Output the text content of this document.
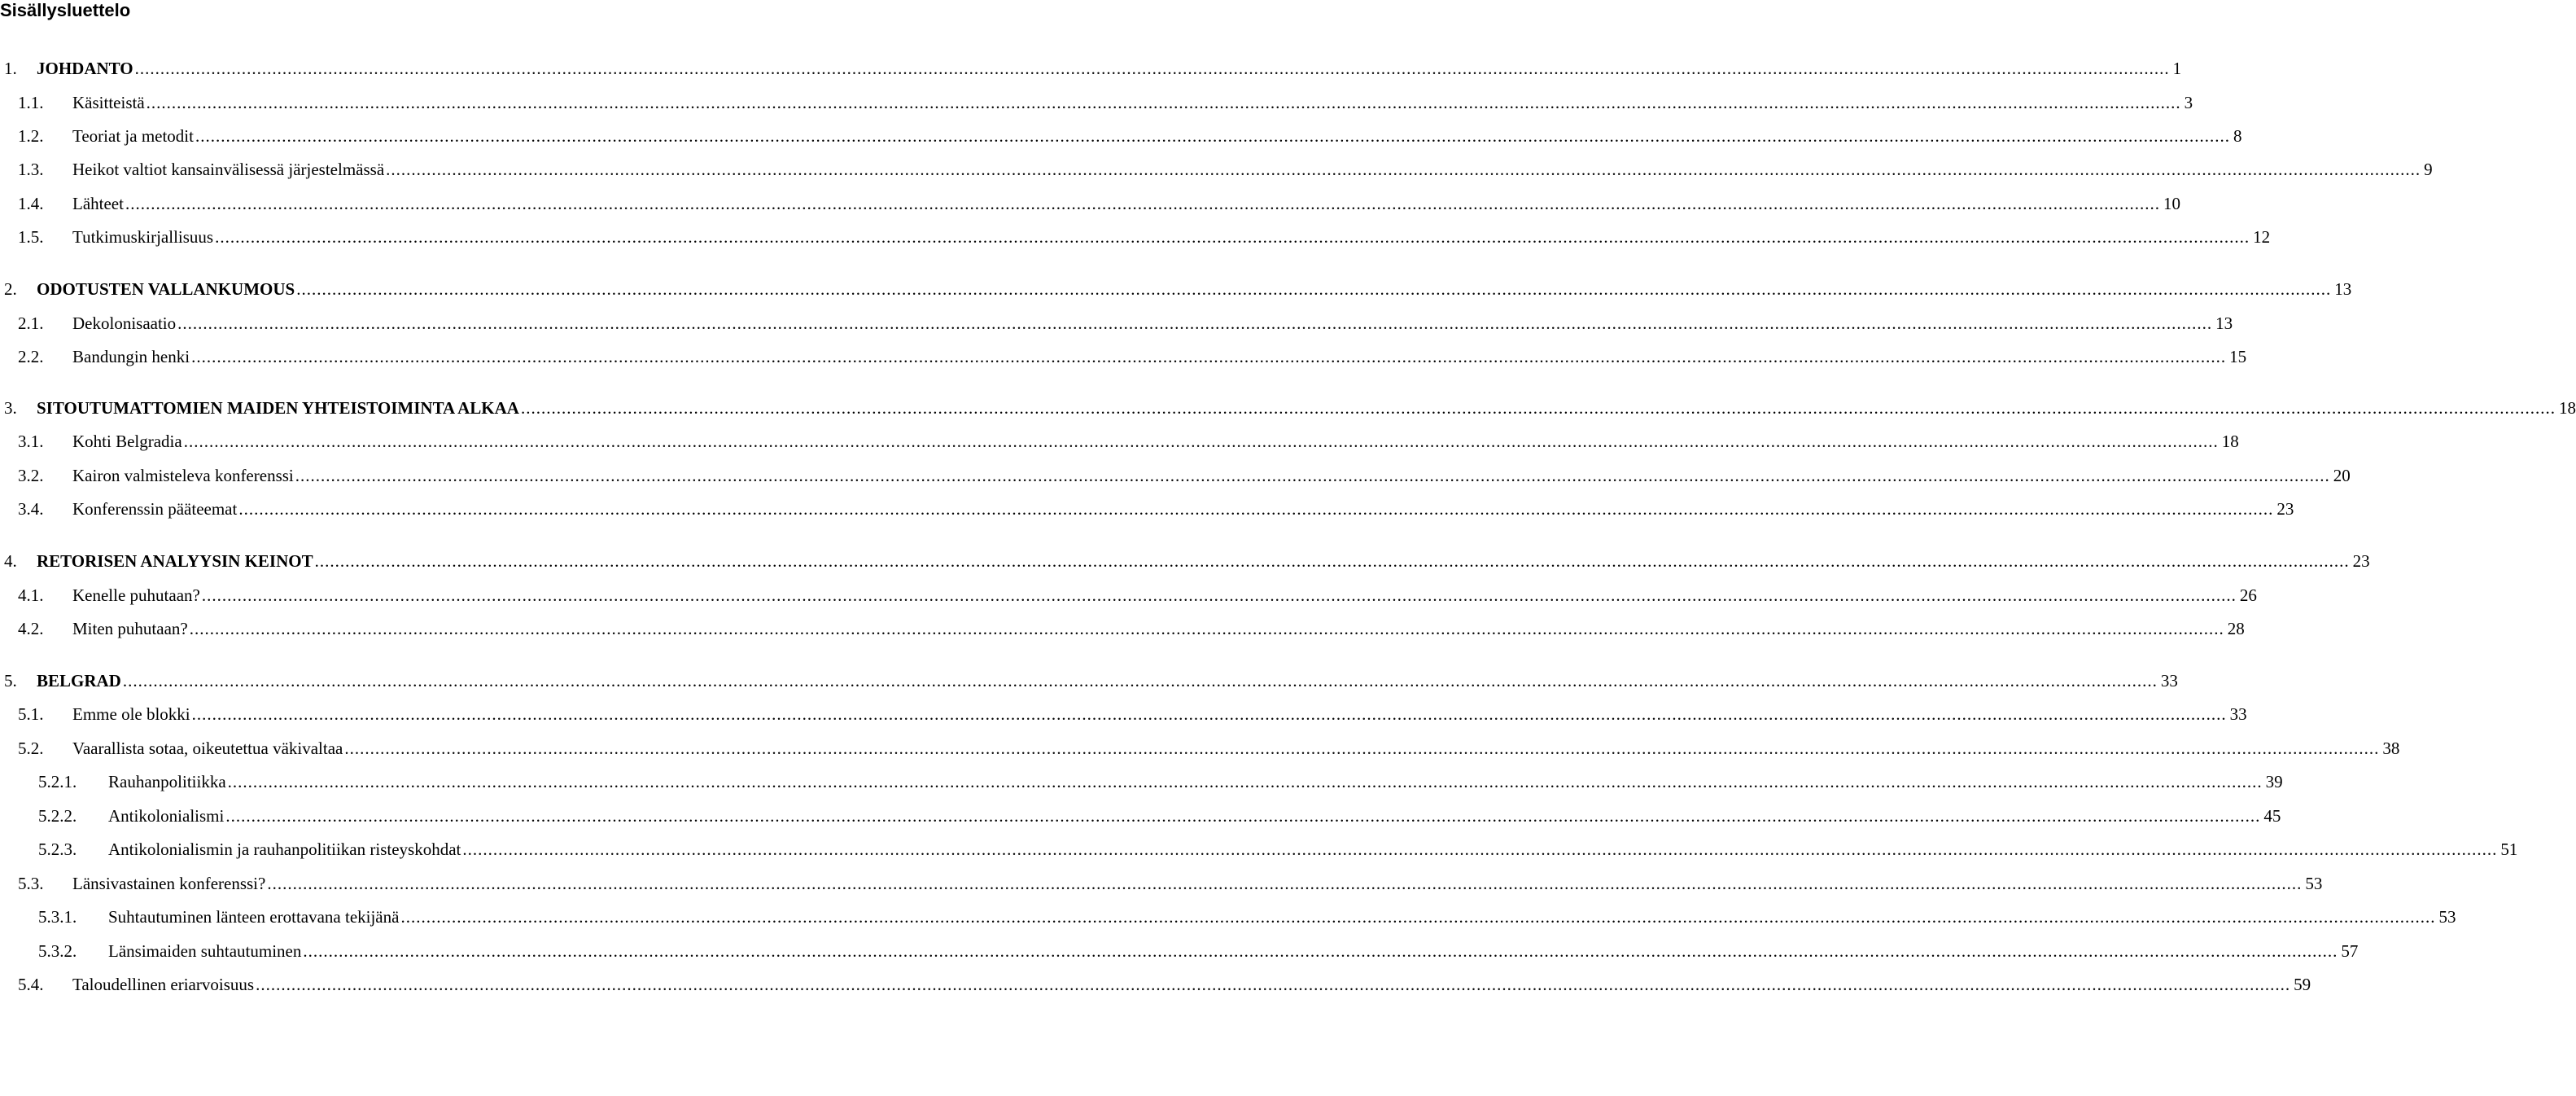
Sisällysluettelo
1. JOHDANTO ................................................................................................................................................................................................................................................................................................................................................................................................................ 1
1.1. Käsitteistä ................................................................................................................................................................................................................................................................................................................................................................................................................ 3
1.2. Teoriat ja metodit ................................................................................................................................................................................................................................................................................................................................................................................................................ 8
1.3. Heikot valtiot kansainvälisessä järjestelmässä ................................................................................................................................................................................................................................................................................................................................................................................................................ 9
1.4. Lähteet ................................................................................................................................................................................................................................................................................................................................................................................................................ 10
1.5. Tutkimuskirjallisuus ................................................................................................................................................................................................................................................................................................................................................................................................................ 12
2. ODOTUSTEN VALLANKUMOUS ................................................................................................................................................................................................................................................................................................................................................................................................................ 13
2.1. Dekolonisaatio ................................................................................................................................................................................................................................................................................................................................................................................................................ 13
2.2. Bandungin henki ................................................................................................................................................................................................................................................................................................................................................................................................................ 15
3. SITOUTUMATTOMIEN MAIDEN YHTEISTOIMINTA ALKAA ................................................................................................................................................................................................................................................................................................................................................................................................................ 18
3.1. Kohti Belgradia ................................................................................................................................................................................................................................................................................................................................................................................................................ 18
3.2. Kairon valmisteleva konferenssi ................................................................................................................................................................................................................................................................................................................................................................................................................ 20
3.4. Konferenssin pääteemat ................................................................................................................................................................................................................................................................................................................................................................................................................ 23
4. RETORISEN ANALYYSIN KEINOT ................................................................................................................................................................................................................................................................................................................................................................................................................ 23
4.1. Kenelle puhutaan? ................................................................................................................................................................................................................................................................................................................................................................................................................ 26
4.2. Miten puhutaan? ................................................................................................................................................................................................................................................................................................................................................................................................................ 28
5. BELGRAD ................................................................................................................................................................................................................................................................................................................................................................................................................ 33
5.1. Emme ole blokki ................................................................................................................................................................................................................................................................................................................................................................................................................ 33
5.2. Vaarallista sotaa, oikeutettua väkivaltaa ................................................................................................................................................................................................................................................................................................................................................................................................................ 38
5.2.1. Rauhanpolitiikka ................................................................................................................................................................................................................................................................................................................................................................................................................ 39
5.2.2. Antikolonialismi ................................................................................................................................................................................................................................................................................................................................................................................................................ 45
5.2.3. Antikolonialismin ja rauhanpolitiikan risteyskohdat ................................................................................................................................................................................................................................................................................................................................................................................................................ 51
5.3. Länsivastainen konferenssi? ................................................................................................................................................................................................................................................................................................................................................................................................................ 53
5.3.1. Suhtautuminen länteen erottavana tekijänä ................................................................................................................................................................................................................................................................................................................................................................................................................ 53
5.3.2. Länsimaiden suhtautuminen ................................................................................................................................................................................................................................................................................................................................................................................................................ 57
5.4. Taloudellinen eriarvoisuus ................................................................................................................................................................................................................................................................................................................................................................................................................ 59
